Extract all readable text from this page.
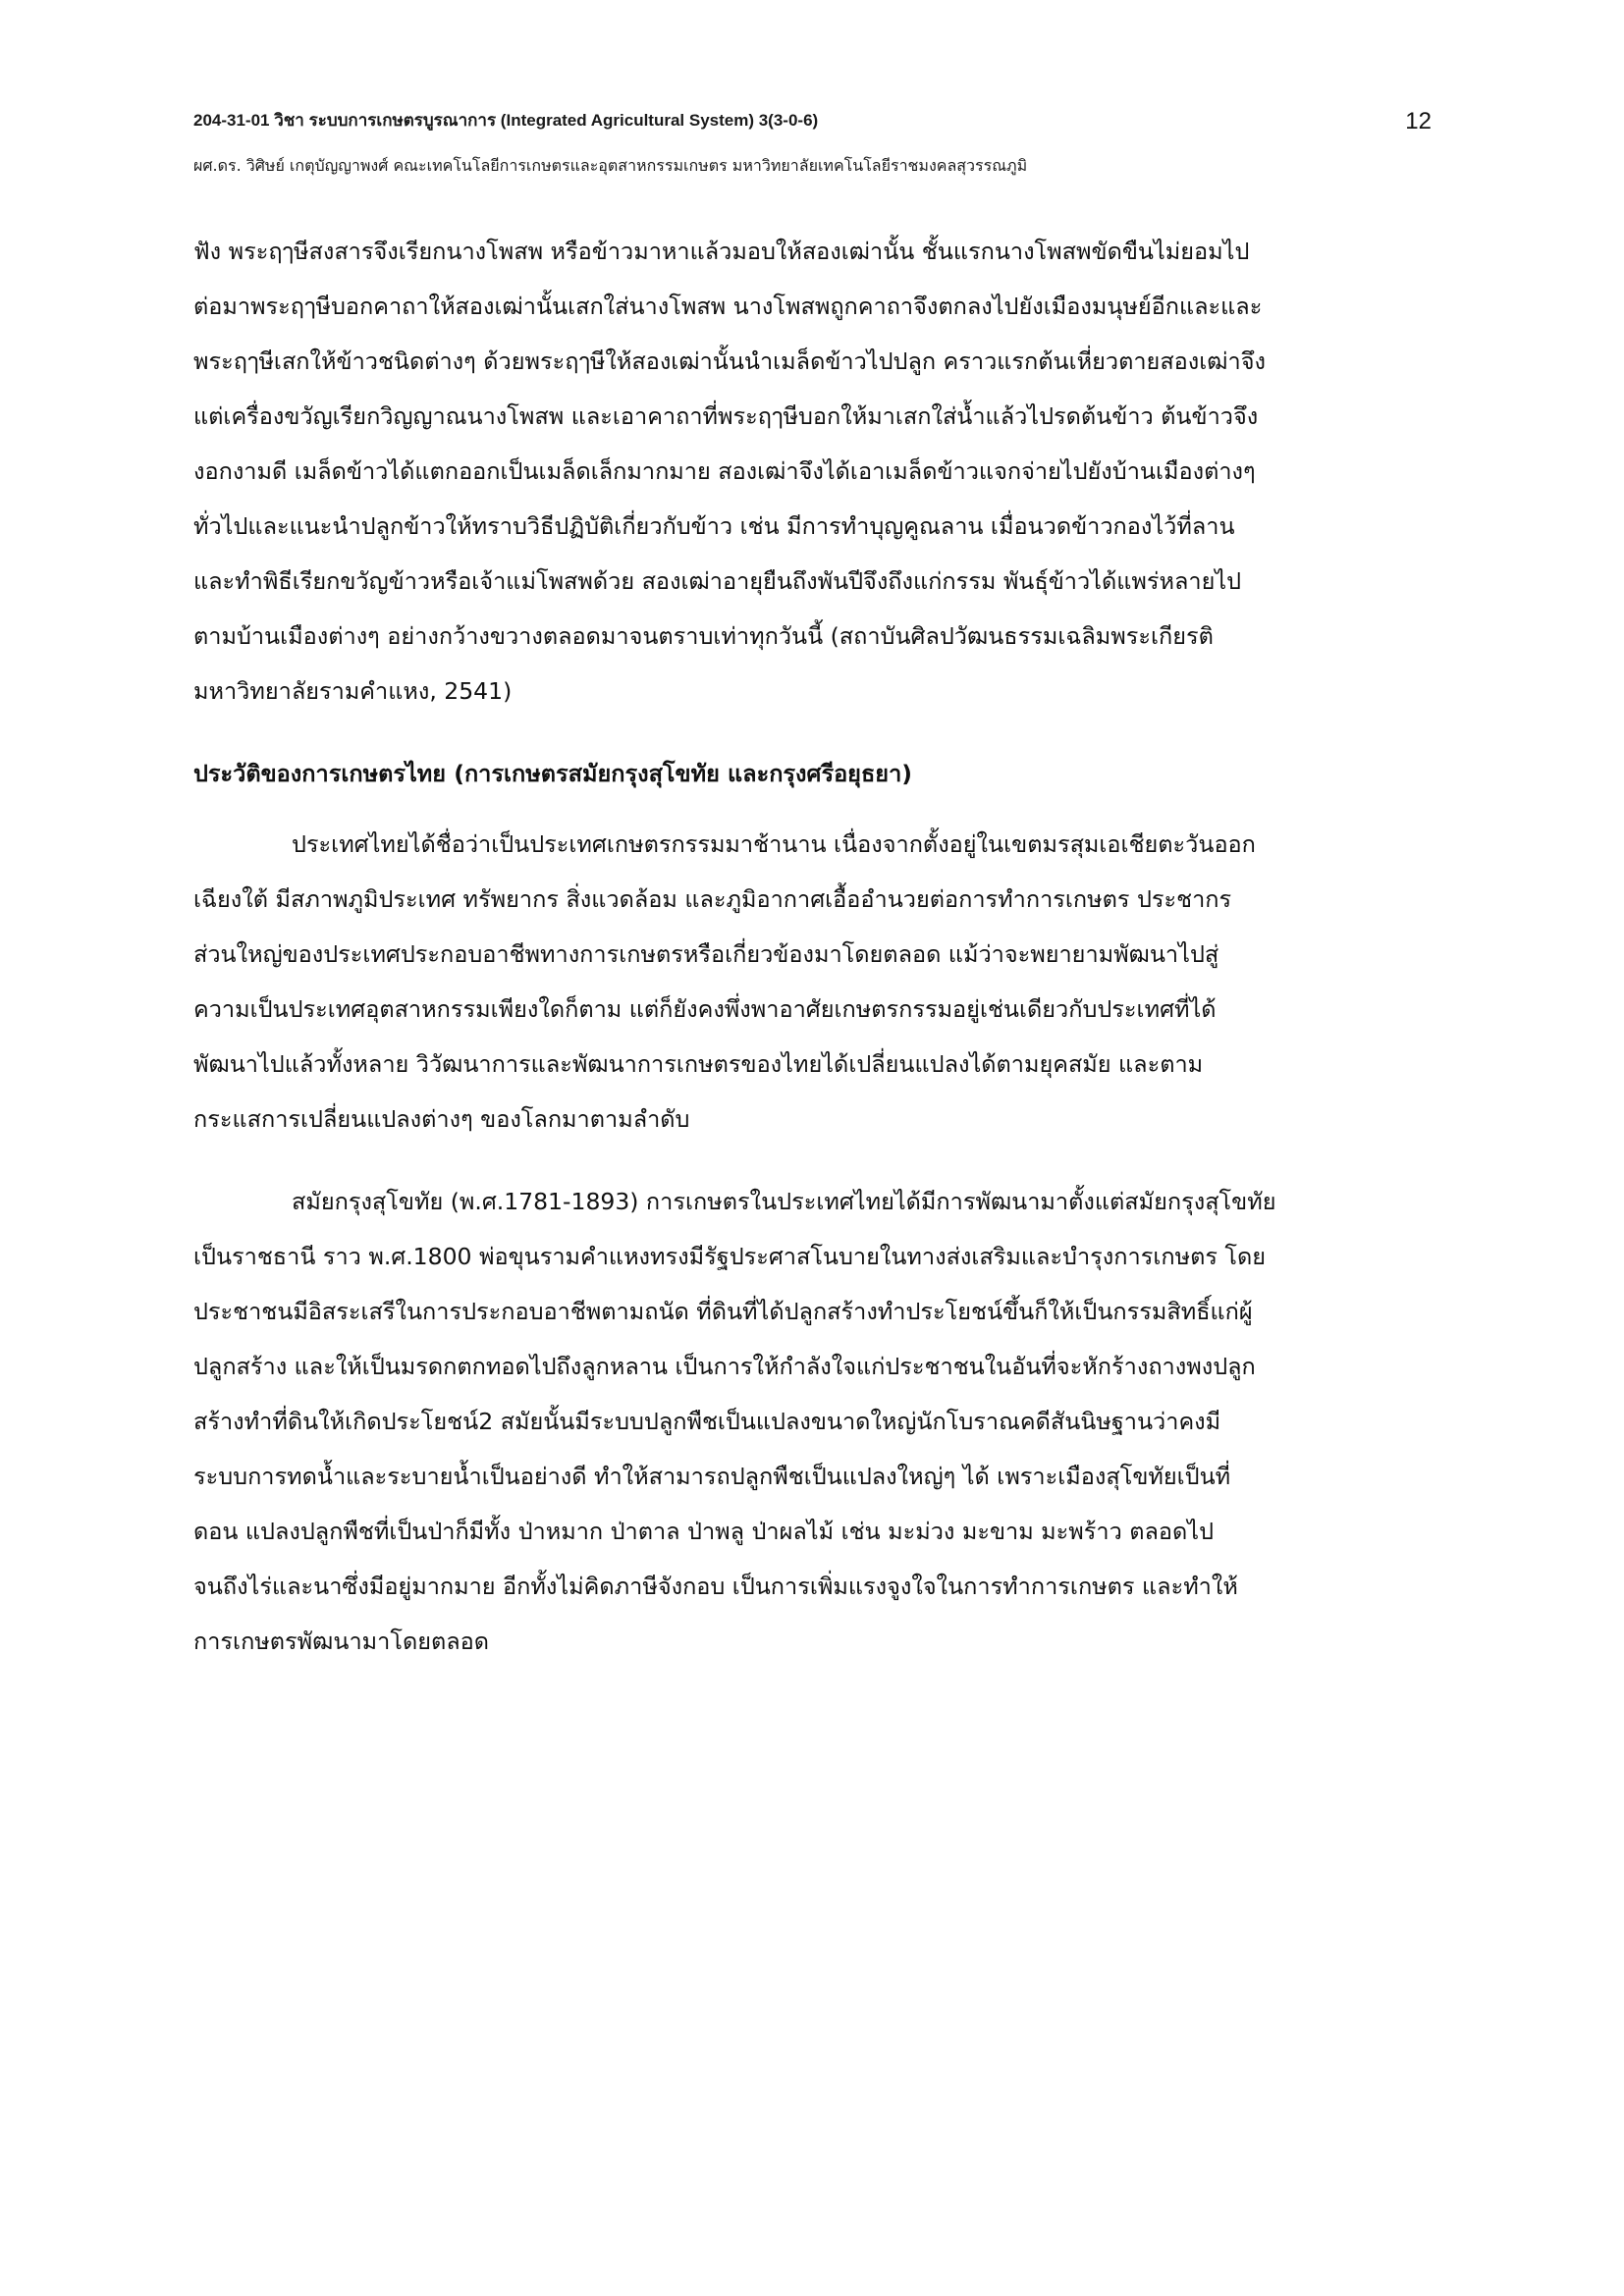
204-31-01 วิชา ระบบการเกษตรบูรณาการ (Integrated Agricultural System) 3(3-0-6)
ผศ.ดร. วิศิษย์ เกตุบัญญาพงศ์ คณะเทคโนโลยีการเกษตรและอุตสาหกรรมเกษตร มหาวิทยาลัยเทคโนโลยีราชมงคลสุวรรณภูมิ
12

ฟัง พระฤๅษีสงสารจึงเรียกนางโพสพ หรือข้าวมาหาแล้วมอบให้สองเฒ่านั้น ชั้นแรกนางโพสพขัดขืนไม่ยอมไป
ต่อมาพระฤๅษีบอกคาถาให้สองเฒ่านั้นเสกใส่นางโพสพ นางโพสพถูกคาถาจึงตกลงไปยังเมืองมนุษย์อีกและและ
พระฤๅษีเสกให้ข้าวชนิดต่างๆ ด้วยพระฤๅษีให้สองเฒ่านั้นนำเมล็ดข้าวไปปลูก คราวแรกต้นเหี่ยวตายสองเฒ่าจึง
แต่เครื่องขวัญเรียกวิญญาณนางโพสพ และเอาคาถาที่พระฤๅษีบอกให้มาเสกใส่น้ำแล้วไปรดต้นข้าว ต้นข้าวจึง
งอกงามดี เมล็ดข้าวได้แตกออกเป็นเมล็ดเล็กมากมาย สองเฒ่าจึงได้เอาเมล็ดข้าวแจกจ่ายไปยังบ้านเมืองต่างๆ
ทั่วไปและแนะนำปลูกข้าวให้ทราบวิธีปฏิบัติเกี่ยวกับข้าว เช่น มีการทำบุญคูณลาน เมื่อนวดข้าวกองไว้ที่ลาน
และทำพิธีเรียกขวัญข้าวหรือเจ้าแม่โพสพด้วย สองเฒ่าอายุยืนถึงพันปีจึงถึงแก่กรรม พันธุ์ข้าวได้แพร่หลายไป
ตามบ้านเมืองต่างๆ อย่างกว้างขวางตลอดมาจนตราบเท่าทุกวันนี้ (สถาบันศิลปวัฒนธรรมเฉลิมพระเกียรติ
มหาวิทยาลัยรามคำแหง, 2541)

ประวัติของการเกษตรไทย (การเกษตรสมัยกรุงสุโขทัย และกรุงศรีอยุธยา)

ประเทศไทยได้ชื่อว่าเป็นประเทศเกษตรกรรมมาช้านาน เนื่องจากตั้งอยู่ในเขตมรสุมเอเชียตะวันออก
เฉียงใต้ มีสภาพภูมิประเทศ ทรัพยากร สิ่งแวดล้อม และภูมิอากาศเอื้ออำนวยต่อการทำการเกษตร ประชากร
ส่วนใหญ่ของประเทศประกอบอาชีพทางการเกษตรหรือเกี่ยวข้องมาโดยตลอด แม้ว่าจะพยายามพัฒนาไปสู่
ความเป็นประเทศอุตสาหกรรมเพียงใดก็ตาม แต่ก็ยังคงพึ่งพาอาศัยเกษตรกรรมอยู่เช่นเดียวกับประเทศที่ได้
พัฒนาไปแล้วทั้งหลาย วิวัฒนาการและพัฒนาการเกษตรของไทยได้เปลี่ยนแปลงได้ตามยุคสมัย และตาม
กระแสการเปลี่ยนแปลงต่างๆ ของโลกมาตามลำดับ

สมัยกรุงสุโขทัย (พ.ศ.1781-1893) การเกษตรในประเทศไทยได้มีการพัฒนามาตั้งแต่สมัยกรุงสุโขทัย
เป็นราชธานี ราว พ.ศ.1800 พ่อขุนรามคำแหงทรงมีรัฐประศาสโนบายในทางส่งเสริมและบำรุงการเกษตร โดย
ประชาชนมีอิสระเสรีในการประกอบอาชีพตามถนัด ที่ดินที่ได้ปลูกสร้างทำประโยชน์ขึ้นก็ให้เป็นกรรมสิทธิ์แก่ผู้
ปลูกสร้าง และให้เป็นมรดกตกทอดไปถึงลูกหลาน เป็นการให้กำลังใจแก่ประชาชนในอันที่จะหักร้างถางพงปลูก
สร้างทำที่ดินให้เกิดประโยชน์2 สมัยนั้นมีระบบปลูกพืชเป็นแปลงขนาดใหญ่นักโบราณคดีสันนิษฐานว่าคงมี
ระบบการทดน้ำและระบายน้ำเป็นอย่างดี ทำให้สามารถปลูกพืชเป็นแปลงใหญ่ๆ ได้ เพราะเมืองสุโขทัยเป็นที่
ดอน แปลงปลูกพืชที่เป็นป่าก็มีทั้ง ป่าหมาก ป่าตาล ป่าพลู ป่าผลไม้ เช่น มะม่วง มะขาม มะพร้าว ตลอดไป
จนถึงไร่และนาซึ่งมีอยู่มากมาย อีกทั้งไม่คิดภาษีจังกอบ เป็นการเพิ่มแรงจูงใจในการทำการเกษตร และทำให้
การเกษตรพัฒนามาโดยตลอด
